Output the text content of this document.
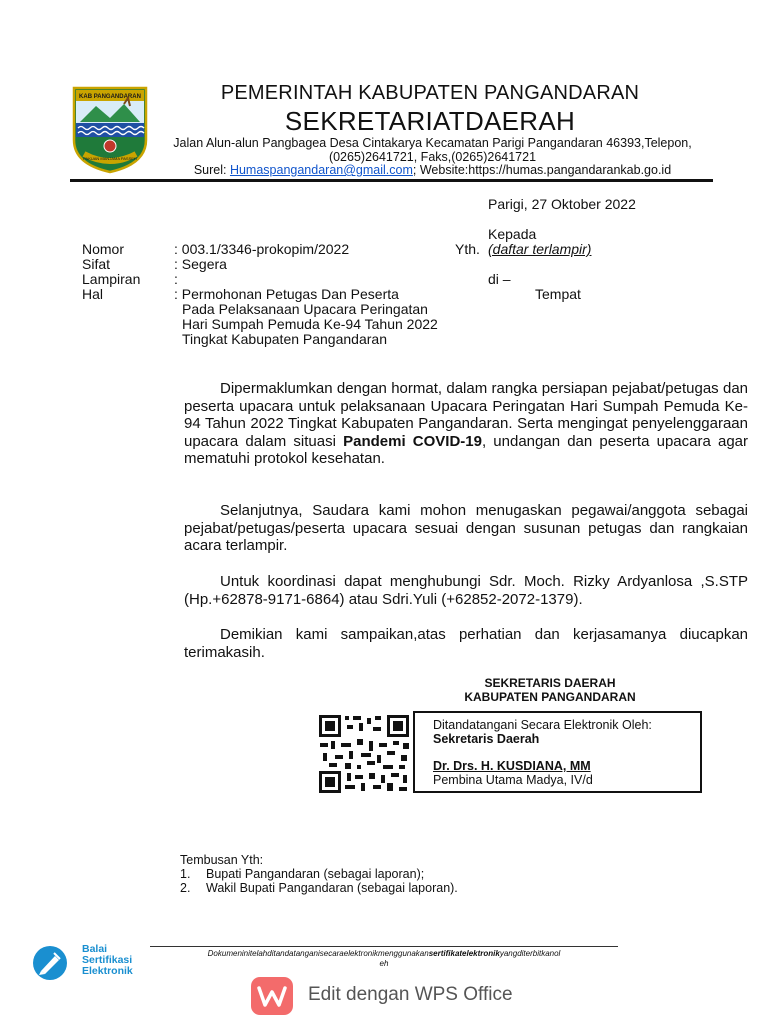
KAB PANGANDARAN
PAKUAN MANJAMA PASSEH
PEMERINTAH KABUPATEN PANGANDARAN
SEKRETARIATDAERAH
Jalan Alun-alun Pangbagea Desa Cintakarya Kecamatan Parigi Pangandaran 46393,Telepon,
(0265)2641721, Faks,(0265)2641721
Surel: Humaspangandaran@gmail.com; Website:https://humas.pangandarankab.go.id
Parigi, 27 Oktober 2022
Kepada
Yth. (daftar terlampir)
di –
Tempat
Nomor	: 003.1/3346-prokopim/2022
Sifat	: Segera
Lampiran	:
Hal	: Permohonan Petugas Dan Peserta
	Pada Pelaksanaan Upacara Peringatan
	Hari Sumpah Pemuda Ke-94 Tahun 2022
	Tingkat Kabupaten Pangandaran
Dipermaklumkan dengan hormat, dalam rangka persiapan pejabat/petugas dan peserta upacara untuk pelaksanaan Upacara Peringatan Hari Sumpah Pemuda Ke-94 Tahun 2022 Tingkat Kabupaten Pangandaran. Serta mengingat penyelenggaraan upacara dalam situasi Pandemi COVID-19, undangan dan peserta upacara agar mematuhi protokol kesehatan.
Selanjutnya, Saudara kami mohon menugaskan pegawai/anggota sebagai pejabat/petugas/peserta upacara sesuai dengan susunan petugas dan rangkaian acara terlampir.
Untuk koordinasi dapat menghubungi Sdr. Moch. Rizky Ardyanlosa ,S.STP (Hp.+62878-9171-6864) atau Sdri.Yuli (+62852-2072-1379).
Demikian kami sampaikan,atas perhatian dan kerjasamanya diucapkan terimakasih.
SEKRETARIS DAERAH
KABUPATEN PANGANDARAN
Ditandatangani Secara Elektronik Oleh:
Sekretaris Daerah
Dr. Drs. H. KUSDIANA, MM
Pembina Utama Madya, IV/d
Tembusan Yth:
1. Bupati Pangandaran (sebagai laporan);
2. Wakil Bupati Pangandaran (sebagai laporan).
Dokumeninitelahditandatanganisecaraelektronikmenggunakansertifikatelektronikyangditerbitkanol
eh
Balai
Sertifikasi
Elektronik
Edit dengan WPS Office
